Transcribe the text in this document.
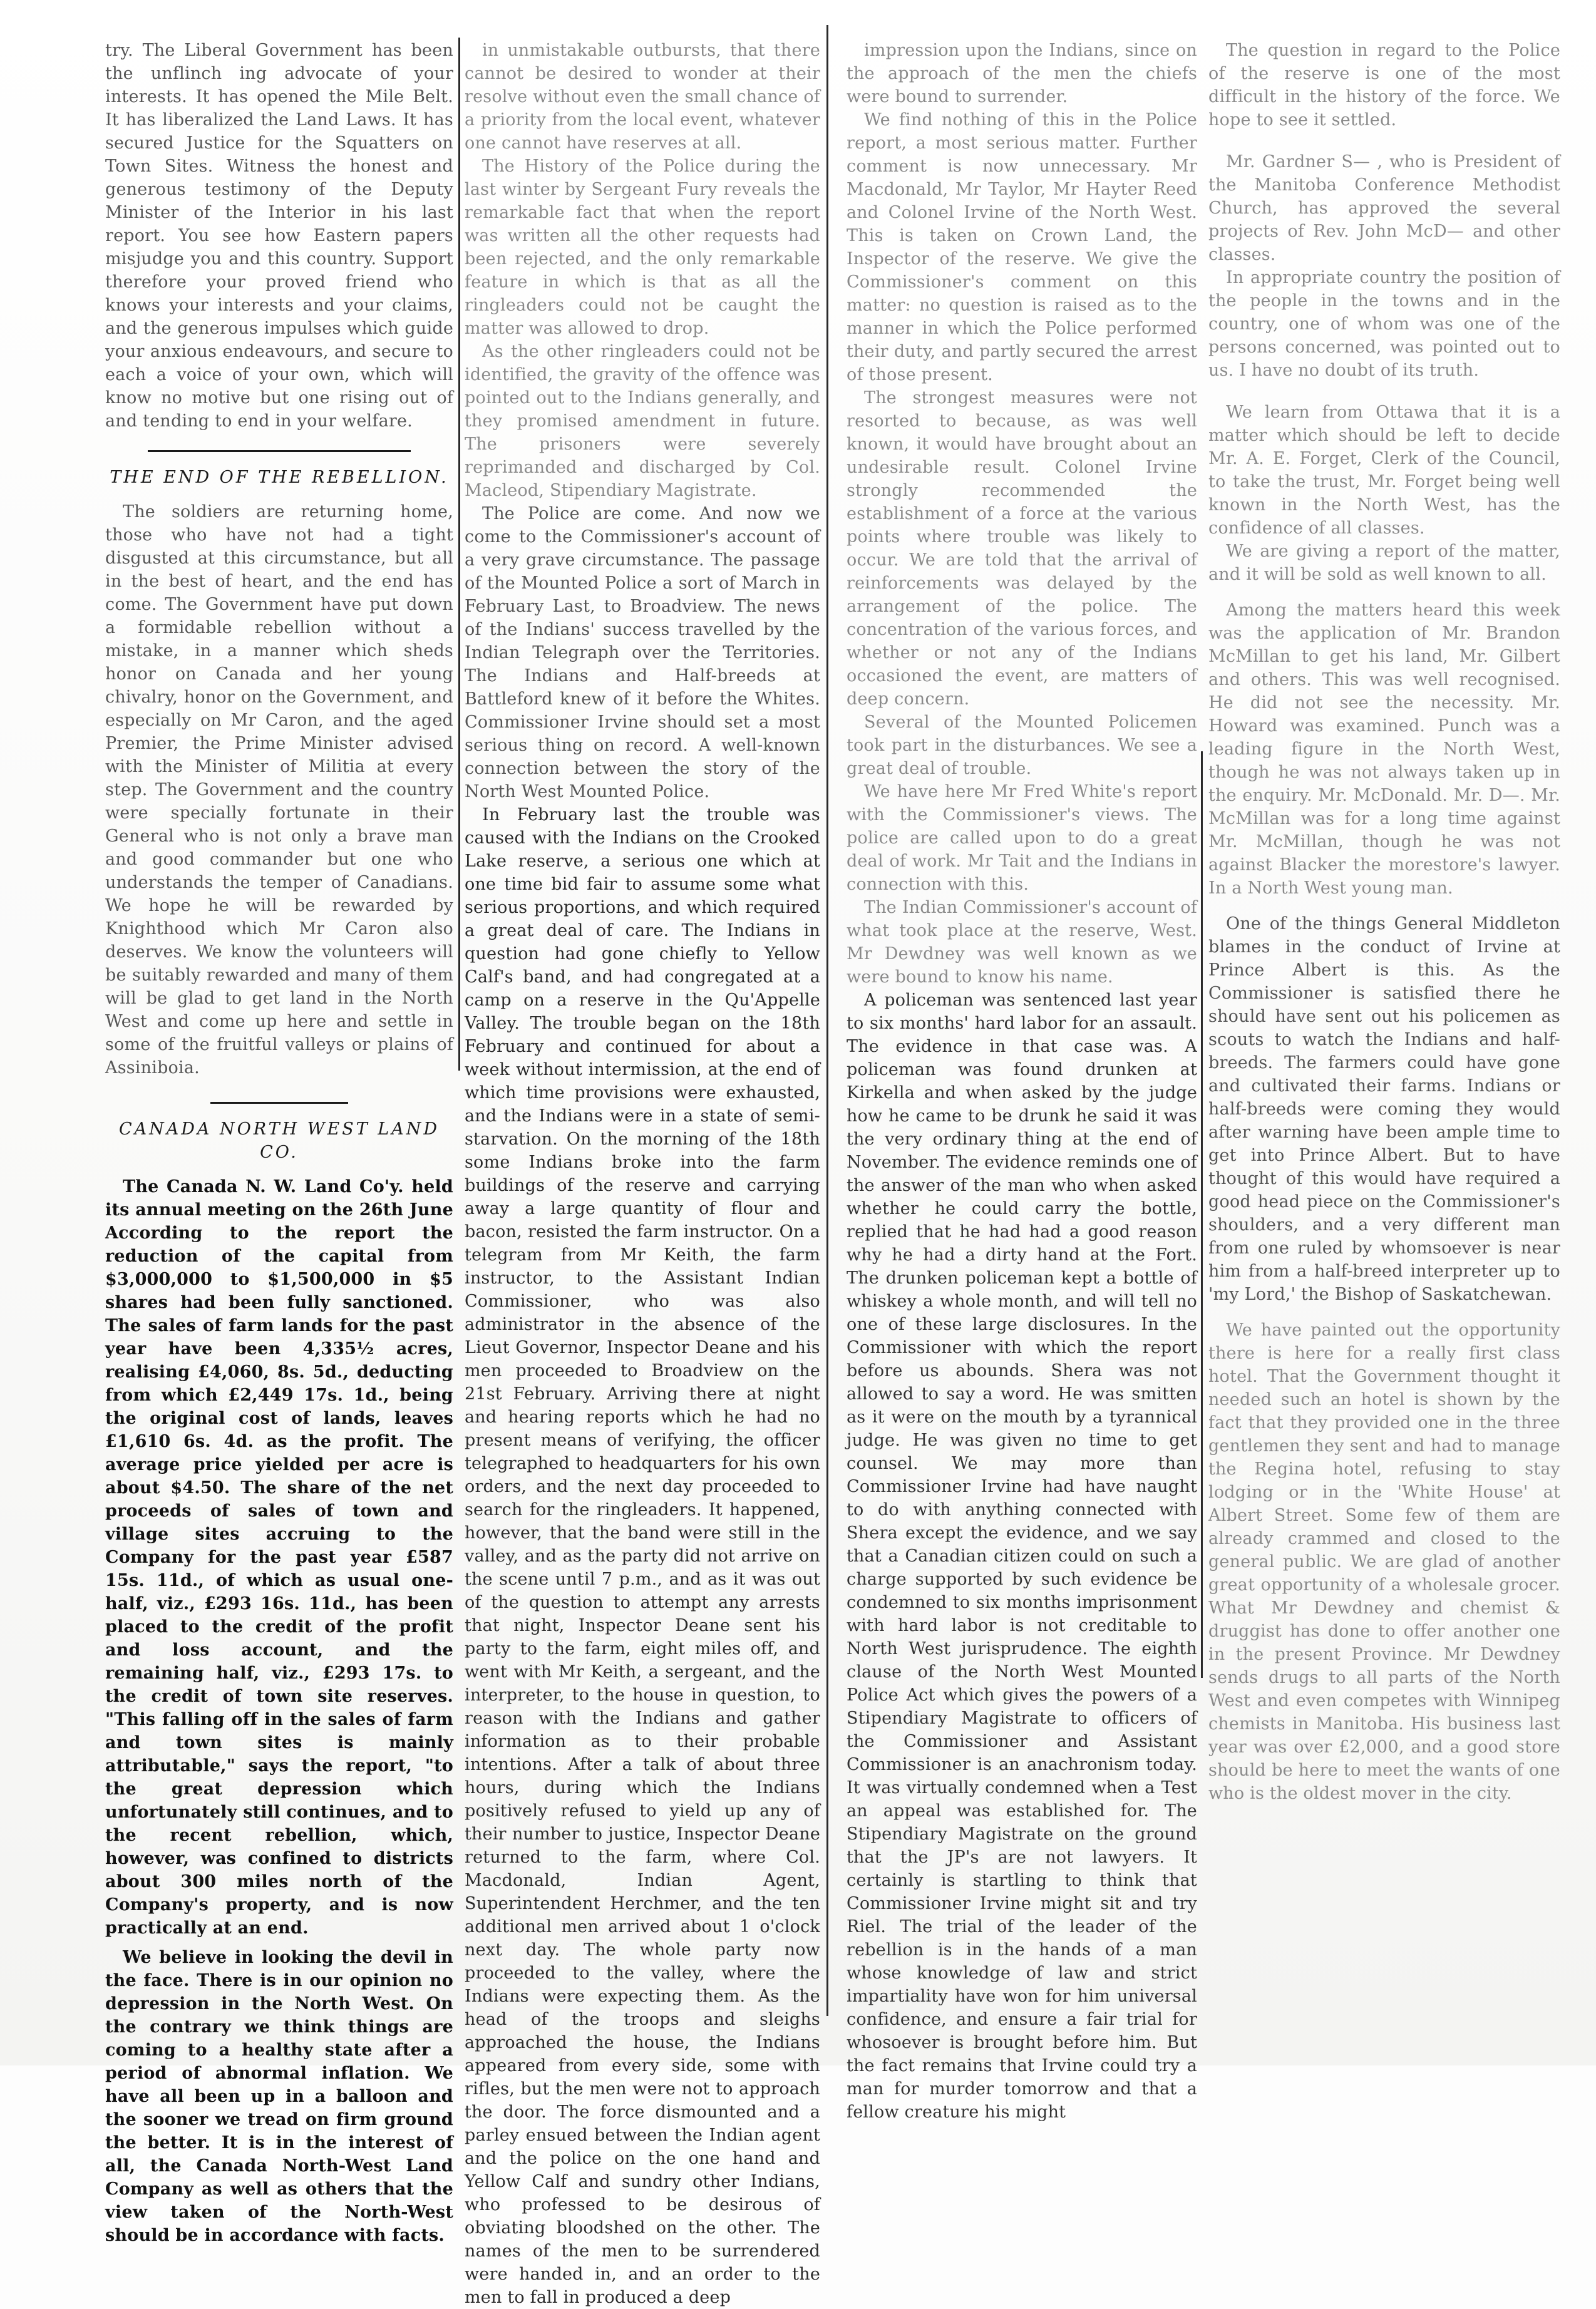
try. The Liberal Government has been the unflinch ing advocate of your interests. It has opened the Mile Belt. It has liberalized the Land Laws. It has secured Justice for the Squatters on Town Sites. Witness the honest and generous testimony of the Deputy Minister of the Interior in his last report. You see how Eastern papers misjudge you and this country. Support therefore your proved friend who knows your interests and your claims, and the generous impulses which guide your anxious endeavours, and secure to each a voice of your own, which will know no motive but one rising out of and tending to end in your welfare.

THE END OF THE REBELLION.

The soldiers are returning home, those who have not had a tight disgusted at this circumstance, but all in the best of heart, and the end has come. The Government have put down a formidable rebellion without a mistake, in a manner which sheds honor on Canada and her young chivalry, honor on the Government, and especially on Mr Caron, and the aged Premier, the Prime Minister advised with the Minister of Militia at every step. The Government and the country were specially fortunate in their General who is not only a brave man and good commander but one who understands the temper of Canadians. We hope he will be rewarded by Knighthood which Mr Caron also deserves. We know the volunteers will be suitably rewarded and many of them will be glad to get land in the North West and come up here and settle in some of the fruitful valleys or plains of Assiniboia.

CANADA NORTH WEST LAND CO.

The Canada N. W. Land Co'y. held its annual meeting on the 26th June According to the report the reduction of the capital from $3,000,000 to $1,500,000 in $5 shares had been fully sanctioned. The sales of farm lands for the past year have been 4,335½ acres, realising £4,060, 8s. 5d., deducting from which £2,449 17s. 1d., being the original cost of lands, leaves £1,610 6s. 4d. as the profit. The average price yielded per acre is about $4.50. The share of the net proceeds of sales of town and village sites accruing to the Company for the past year £587 15s. 11d., of which as usual one-half, viz., £293 16s. 11d., has been placed to the credit of the profit and loss account, and the remaining half, viz., £293 17s. to the credit of town site reserves. "This falling off in the sales of farm and town sites is mainly attributable," says the report, "to the great depression which unfortunately still continues, and to the recent rebellion, which, however, was confined to districts about 300 miles north of the Company's property, and is now practically at an end.

We believe in looking the devil in the face. There is in our opinion no depression in the North West. On the contrary we think things are coming to a healthy state after a period of abnormal inflation. We have all been up in a balloon and the sooner we tread on firm ground the better. It is in the interest of all, the Canada North-West Land Company as well as others that the view taken of the North-West should be in accordance with facts.

in unmistakable outbursts, that there cannot be desired to wonder at their resolve without even the small chance of a priority from the local event, whatever one cannot have reserves at all.

The History of the Police during the last winter by Sergeant Fury reveals the remarkable fact that when the report was written all the other requests had been rejected, and the only remarkable feature in which is that as all the ringleaders could not be caught the matter was allowed to drop.

As the other ringleaders could not be identified, the gravity of the offence was pointed out to the Indians generally, and they promised amendment in future. The prisoners were severely reprimanded and discharged by Col. Macleod, Stipendiary Magistrate.

The Police are come. And now we come to the Commissioner's account of a very grave circumstance. The passage of the Mounted Police a sort of March in February Last, to Broadview. The news of the Indians' success travelled by the Indian Telegraph over the Territories. The Indians and Half-breeds at Battleford knew of it before the Whites. Commissioner Irvine should set a most serious thing on record. A well-known connection between the story of the North West Mounted Police.

In February last the trouble was caused with the Indians on the Crooked Lake reserve, a serious one which at one time bid fair to assume some what serious proportions, and which required a great deal of care. The Indians in question had gone chiefly to Yellow Calf's band, and had congregated at a camp on a reserve in the Qu'Appelle Valley. The trouble began on the 18th February and continued for about a week without intermission, at the end of which time provisions were exhausted, and the Indians were in a state of semi-starvation. On the morning of the 18th some Indians broke into the farm buildings of the reserve and carrying away a large quantity of flour and bacon, resisted the farm instructor. On a telegram from Mr Keith, the farm instructor, to the Assistant Indian Commissioner, who was also administrator in the absence of the Lieut Governor, Inspector Deane and his men proceeded to Broadview on the 21st February. Arriving there at night and hearing reports which he had no present means of verifying, the officer telegraphed to headquarters for his own orders, and the next day proceeded to search for the ringleaders. It happened, however, that the band were still in the valley, and as the party did not arrive on the scene until 7 p.m., and as it was out of the question to attempt any arrests that night, Inspector Deane sent his party to the farm, eight miles off, and went with Mr Keith, a sergeant, and the interpreter, to the house in question, to reason with the Indians and gather information as to their probable intentions. After a talk of about three hours, during which the Indians positively refused to yield up any of their number to justice, Inspector Deane returned to the farm, where Col. Macdonald, Indian Agent, Superintendent Herchmer, and the ten additional men arrived about 1 o'clock next day. The whole party now proceeded to the valley, where the Indians were expecting them. As the head of the troops and sleighs approached the house, the Indians appeared from every side, some with rifles, but the men were not to approach the door. The force dismounted and a parley ensued between the Indian agent and the police on the one hand and Yellow Calf and sundry other Indians, who professed to be desirous of obviating bloodshed on the other. The names of the men to be surrendered were handed in, and an order to the men to fall in produced a deep

impression upon the Indians, since on the approach of the men the chiefs were bound to surrender.

We find nothing of this in the Police report, a most serious matter. Further comment is now unnecessary. Mr Macdonald, Mr Taylor, Mr Hayter Reed and Colonel Irvine of the North West. This is taken on Crown Land, the Inspector of the reserve. We give the Commissioner's comment on this matter: no question is raised as to the manner in which the Police performed their duty, and partly secured the arrest of those present.

The strongest measures were not resorted to because, as was well known, it would have brought about an undesirable result. Colonel Irvine strongly recommended the establishment of a force at the various points where trouble was likely to occur. We are told that the arrival of reinforcements was delayed by the arrangement of the police. The concentration of the various forces, and whether or not any of the Indians occasioned the event, are matters of deep concern.

Several of the Mounted Policemen took part in the disturbances. We see a great deal of trouble.

We have here Mr Fred White's report with the Commissioner's views. The police are called upon to do a great deal of work. Mr Tait and the Indians in connection with this.

The Indian Commissioner's account of what took place at the reserve, West. Mr Dewdney was well known as we were bound to know his name.

A policeman was sentenced last year to six months' hard labor for an assault. The evidence in that case was. A policeman was found drunken at Kirkella and when asked by the judge how he came to be drunk he said it was the very ordinary thing at the end of November. The evidence reminds one of the answer of the man who when asked whether he could carry the bottle, replied that he had had a good reason why he had a dirty hand at the Fort. The drunken policeman kept a bottle of whiskey a whole month, and will tell no one of these large disclosures. In the Commissioner with which the report before us abounds. Shera was not allowed to say a word. He was smitten as it were on the mouth by a tyrannical judge. He was given no time to get counsel. We may more than Commissioner Irvine had have naught to do with anything connected with Shera except the evidence, and we say that a Canadian citizen could on such a charge supported by such evidence be condemned to six months imprisonment with hard labor is not creditable to North West jurisprudence. The eighth clause of the North West Mounted Police Act which gives the powers of a Stipendiary Magistrate to officers of the Commissioner and Assistant Commissioner is an anachronism today. It was virtually condemned when a Test an appeal was established for. The Stipendiary Magistrate on the ground that the JP's are not lawyers. It certainly is startling to think that Commissioner Irvine might sit and try Riel. The trial of the leader of the rebellion is in the hands of a man whose knowledge of law and strict impartiality have won for him universal confidence, and ensure a fair trial for whosoever is brought before him. But the fact remains that Irvine could try a man for murder tomorrow and that a fellow creature his might

The question in regard to the Police of the reserve is one of the most difficult in the history of the force. We hope to see it settled.

Mr. Gardner S— , who is President of the Manitoba Conference Methodist Church, has approved the several projects of Rev. John McD— and other classes.

In appropriate country the position of the people in the towns and in the country, one of whom was one of the persons concerned, was pointed out to us. I have no doubt of its truth.

We learn from Ottawa that it is a matter which should be left to decide Mr. A. E. Forget, Clerk of the Council, to take the trust, Mr. Forget being well known in the North West, has the confidence of all classes.

We are giving a report of the matter, and it will be sold as well known to all.

Among the matters heard this week was the application of Mr. Brandon McMillan to get his land, Mr. Gilbert and others. This was well recognised. He did not see the necessity. Mr. Howard was examined. Punch was a leading figure in the North West, though he was not always taken up in the enquiry. Mr. McDonald. Mr. D—. Mr. McMillan was for a long time against Mr. McMillan, though he was not against Blacker the morestore's lawyer. In a North West young man.

One of the things General Middleton blames in the conduct of Irvine at Prince Albert is this. As the Commissioner is satisfied there he should have sent out his policemen as scouts to watch the Indians and half-breeds. The farmers could have gone and cultivated their farms. Indians or half-breeds were coming they would after warning have been ample time to get into Prince Albert. But to have thought of this would have required a good head piece on the Commissioner's shoulders, and a very different man from one ruled by whomsoever is near him from a half-breed interpreter up to 'my Lord,' the Bishop of Saskatchewan.

We have painted out the opportunity there is here for a really first class hotel. That the Government thought it needed such an hotel is shown by the fact that they provided one in the three gentlemen they sent and had to manage the Regina hotel, refusing to stay lodging or in the 'White House' at Albert Street. Some few of them are already crammed and closed to the general public. We are glad of another great opportunity of a wholesale grocer. What Mr Dewdney and chemist & druggist has done to offer another one in the present Province. Mr Dewdney sends drugs to all parts of the North West and even competes with Winnipeg chemists in Manitoba. His business last year was over £2,000, and a good store should be here to meet the wants of one who is the oldest mover in the city.
